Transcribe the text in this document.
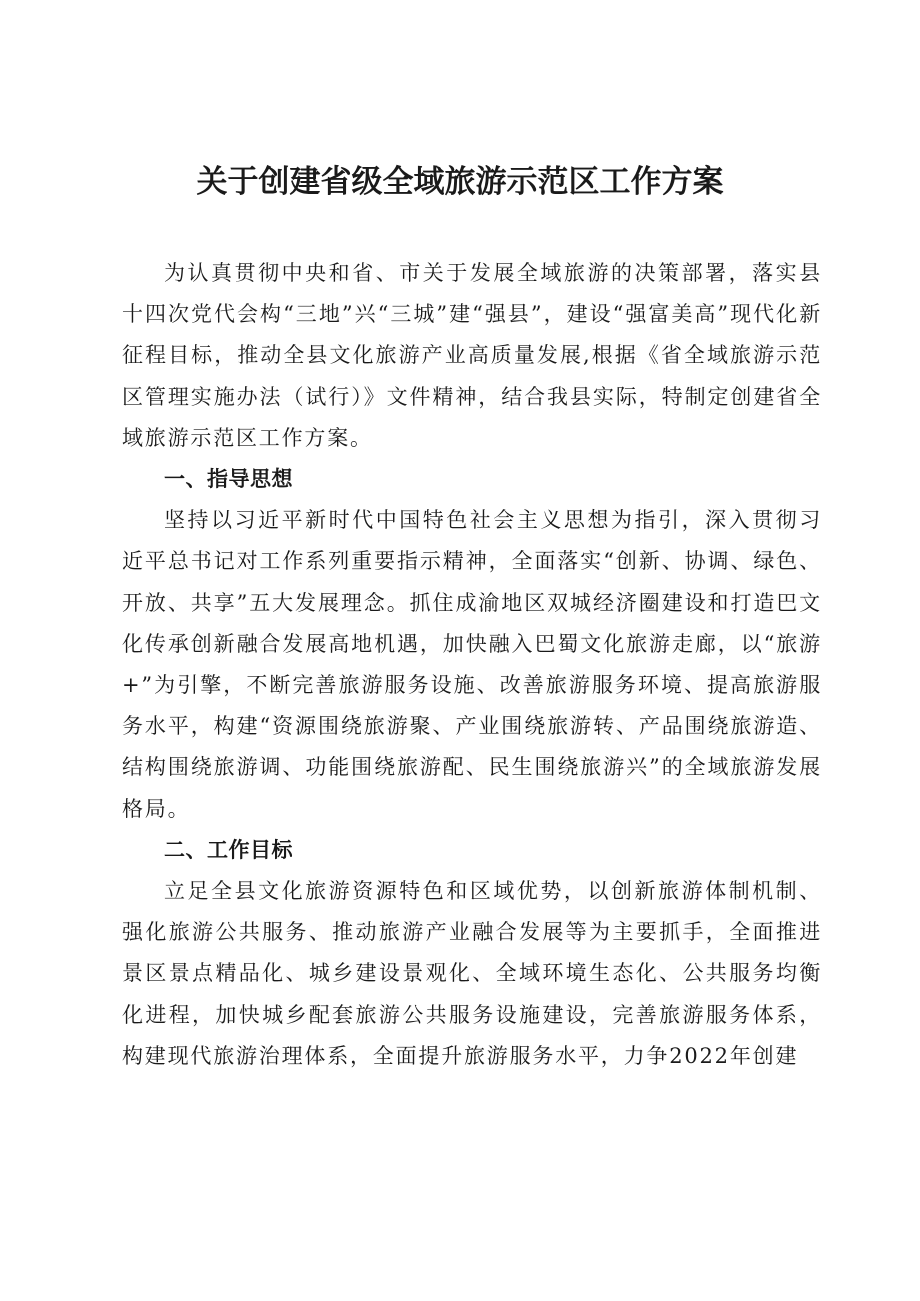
关于创建省级全域旅游示范区工作方案

为认真贯彻中央和省、市关于发展全域旅游的决策部署，落实县十四次党代会构“三地”兴“三城”建“强县”，建设“强富美高”现代化新征程目标，推动全县文化旅游产业高质量发展,根据《省全域旅游示范区管理实施办法（试行）》文件精神，结合我县实际，特制定创建省全域旅游示范区工作方案。

一、指导思想

坚持以习近平新时代中国特色社会主义思想为指引，深入贯彻习近平总书记对工作系列重要指示精神，全面落实“创新、协调、绿色、开放、共享”五大发展理念。抓住成渝地区双城经济圈建设和打造巴文化传承创新融合发展高地机遇，加快融入巴蜀文化旅游走廊，以“旅游+”为引擎，不断完善旅游服务设施、改善旅游服务环境、提高旅游服务水平，构建“资源围绕旅游聚、产业围绕旅游转、产品围绕旅游造、结构围绕旅游调、功能围绕旅游配、民生围绕旅游兴”的全域旅游发展格局。

二、工作目标

立足全县文化旅游资源特色和区域优势，以创新旅游体制机制、强化旅游公共服务、推动旅游产业融合发展等为主要抓手，全面推进景区景点精品化、城乡建设景观化、全域环境生态化、公共服务均衡化进程，加快城乡配套旅游公共服务设施建设，完善旅游服务体系，构建现代旅游治理体系，全面提升旅游服务水平，力争2022年创建
